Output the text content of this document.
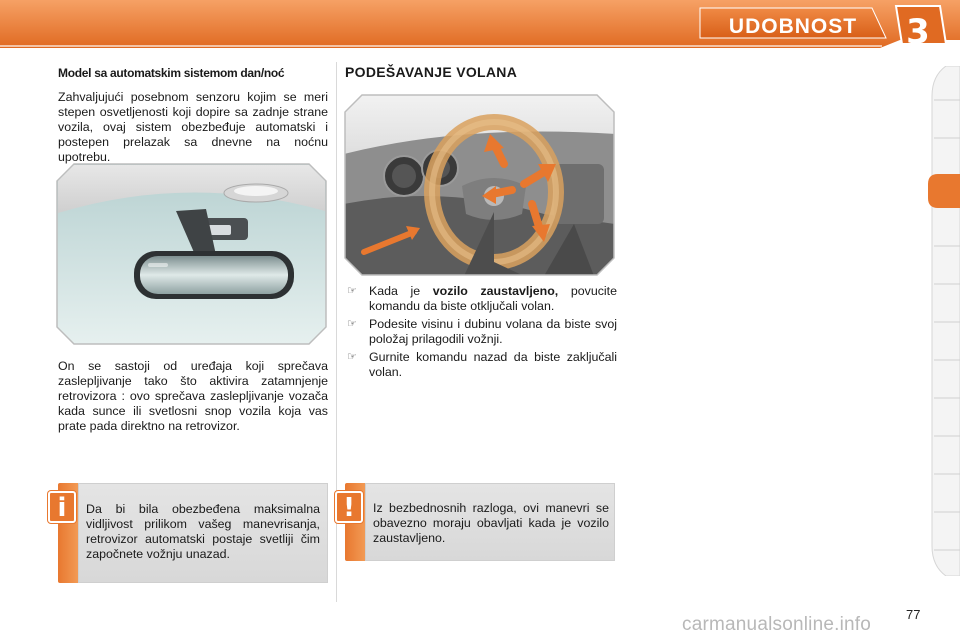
UDOBNOST	3
Model sa automatskim sistemom dan/noć
Zahvaljujući posebnom senzoru kojim se meri stepen osvetljenosti koji dopire sa zadnje strane vozila, ovaj sistem obezbeđuje automatski i postepen prelazak sa dnevne na noćnu upotrebu.
On se sastoji od uređaja koji sprečava zaslepljivanje tako što aktivira zatamnjenje retrovizora : ovo sprečava zaslepljivanje vozača kada sunce ili svetlosni snop vozila koja vas prate pada direktno na retrovizor.
i	Da bi bila obezbeđena maksimalna vidljivost prilikom vašeg manevrisanja, retrovizor automatski postaje svetliji čim započnete vožnju unazad.
PODEŠAVANJE VOLANA
☞ Kada je vozilo zaustavljeno, povucite komandu da biste otključali volan.
☞ Podesite visinu i dubinu volana da biste svoj položaj prilagodili vožnji.
☞ Gurnite komandu nazad da biste zaključali volan.
!	Iz bezbednosnih razloga, ovi manevri se obavezno moraju obavljati kada je vozilo zaustavljeno.
77
carmanualsonline.info
